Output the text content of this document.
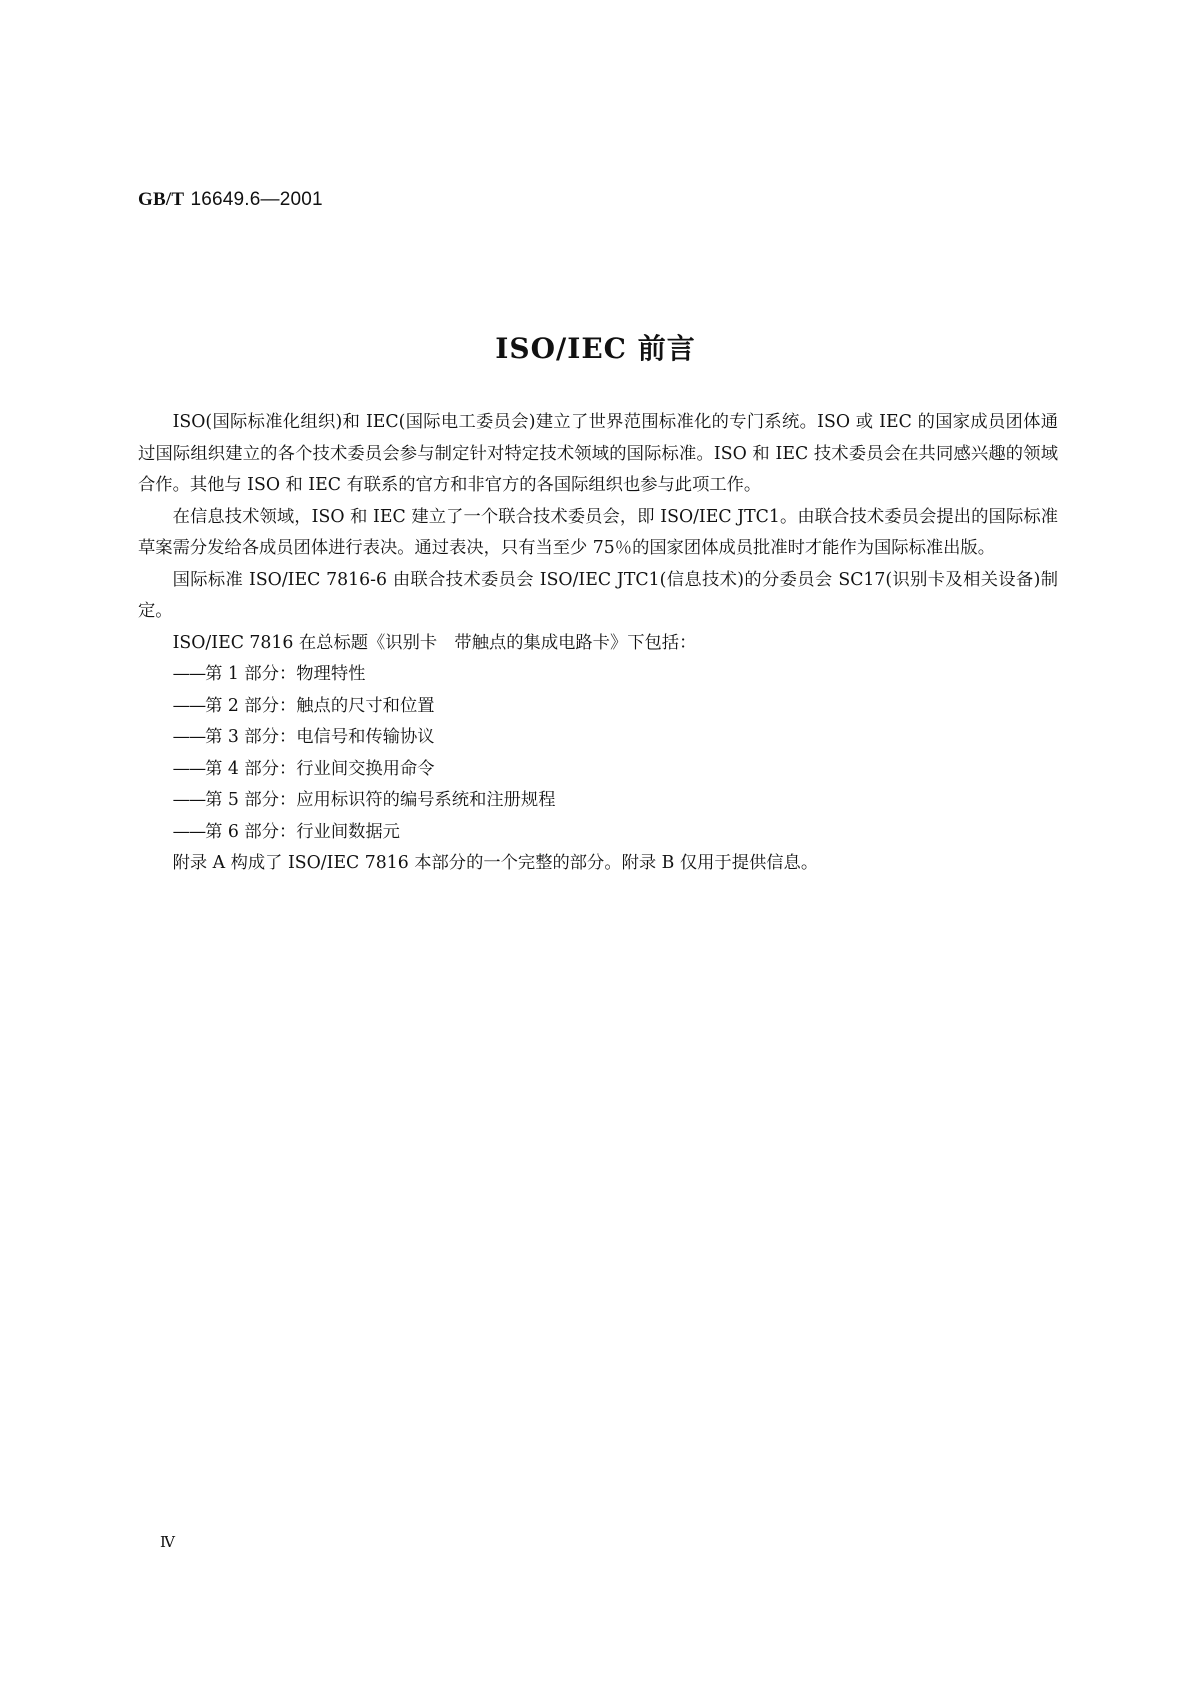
GB/T 16649.6—2001
ISO/IEC 前言

ISO(国际标准化组织)和 IEC(国际电工委员会)建立了世界范围标准化的专门系统。ISO 或 IEC 的国家成员团体通过国际组织建立的各个技术委员会参与制定针对特定技术领域的国际标准。ISO 和 IEC 技术委员会在共同感兴趣的领域合作。其他与 ISO 和 IEC 有联系的官方和非官方的各国际组织也参与此项工作。

在信息技术领域，ISO 和 IEC 建立了一个联合技术委员会，即 ISO/IEC JTC1。由联合技术委员会提出的国际标准草案需分发给各成员团体进行表决。通过表决，只有当至少 75％的国家团体成员批准时才能作为国际标准出版。

国际标准 ISO/IEC 7816-6 由联合技术委员会 ISO/IEC JTC1(信息技术)的分委员会 SC17(识别卡及相关设备)制定。

ISO/IEC 7816 在总标题《识别卡　带触点的集成电路卡》下包括：

——第 1 部分：物理特性

——第 2 部分：触点的尺寸和位置

——第 3 部分：电信号和传输协议

——第 4 部分：行业间交换用命令

——第 5 部分：应用标识符的编号系统和注册规程

——第 6 部分：行业间数据元

附录 A 构成了 ISO/IEC 7816 本部分的一个完整的部分。附录 B 仅用于提供信息。

Ⅳ
